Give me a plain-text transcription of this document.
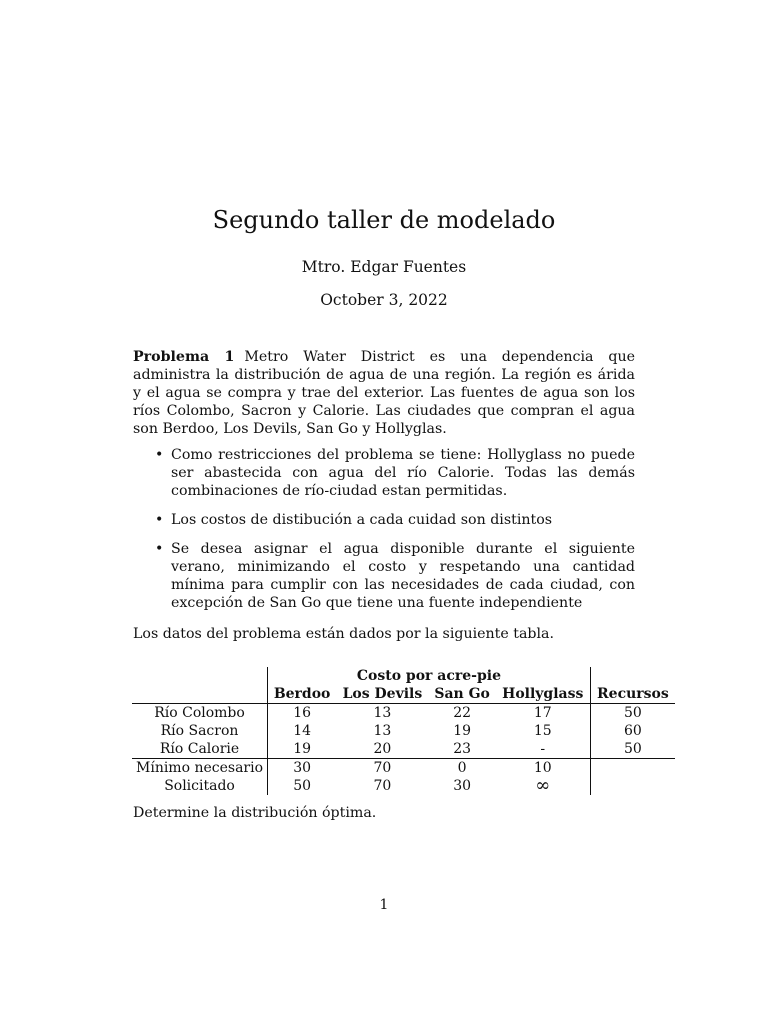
Segundo taller de modelado
Mtro. Edgar Fuentes
October 3, 2022
Problema 1 Metro Water District es una dependencia que administra la distribución de agua de una región. La región es árida y el agua se compra y trae del exterior. Las fuentes de agua son los ríos Colombo, Sacron y Calorie. Las ciudades que compran el agua son Berdoo, Los Devils, San Go y Hollyglas.
• Como restricciones del problema se tiene: Hollyglass no puede ser abastecida con agua del río Calorie. Todas las demás combinaciones de río-ciudad estan permitidas.
• Los costos de distibución a cada cuidad son distintos
• Se desea asignar el agua disponible durante el siguiente verano, minimizando el costo y respetando una cantidad mínima para cumplir con las necesidades de cada ciudad, con excepción de San Go que tiene una fuente independiente
Los datos del problema están dados por la siguiente tabla.
	Costo por acre-pie				
	Berdoo	Los Devils	San Go	Hollyglass	Recursos
Río Colombo	16	13	22	17	50
Río Sacron	14	13	19	15	60
Río Calorie	19	20	23	-	50
Mínimo necesario	30	70	0	10	
Solicitado	50	70	30	∞	
Determine la distribución óptima.
1
